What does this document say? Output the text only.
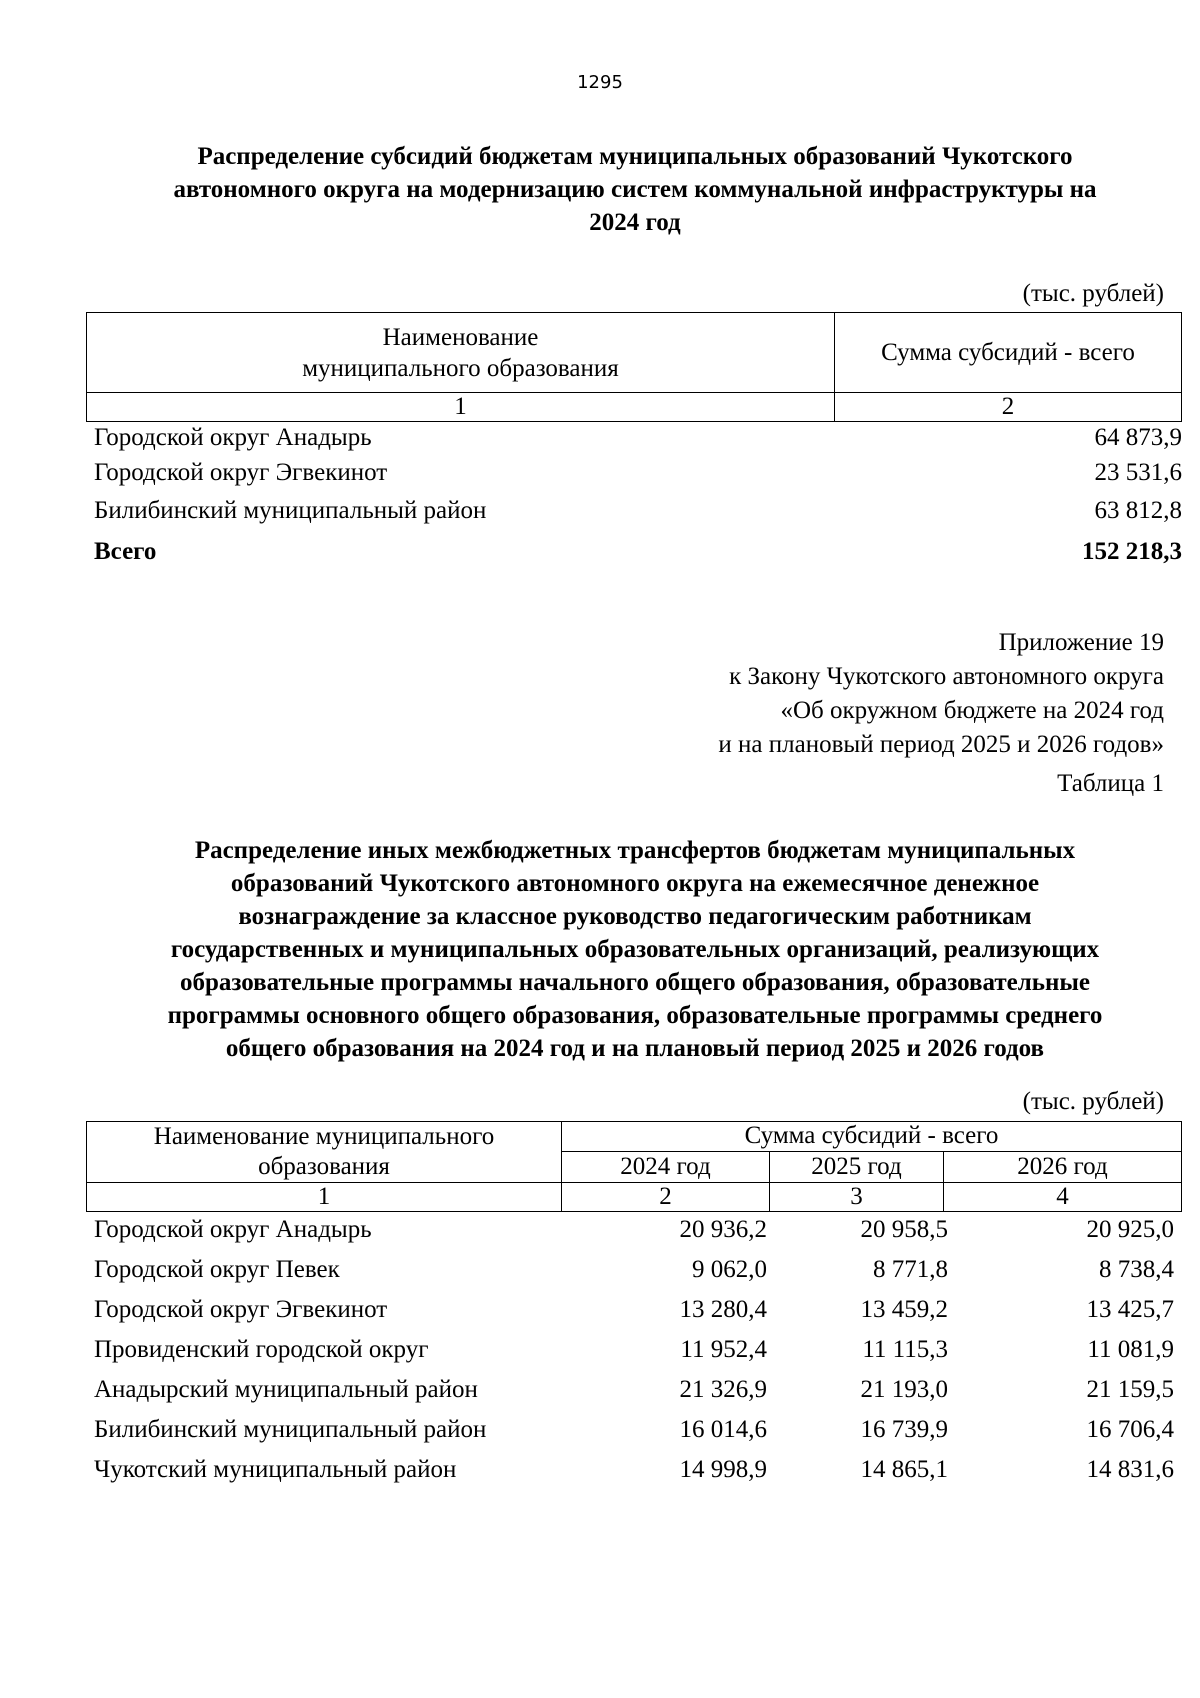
1295
Распределение субсидий бюджетам муниципальных образований Чукотского
автономного округа на модернизацию систем коммунальной инфраструктуры на
2024 год
(тыс. рублей)
Наименование
муниципального образования	Сумма субсидий - всего
1	2
Городской округ Анадырь	64 873,9
Городской округ Эгвекинот	23 531,6
Билибинский муниципальный район	63 812,8
Всего	152 218,3
Приложение 19
к Закону Чукотского автономного округа
«Об окружном бюджете на 2024 год
и на плановый период 2025 и 2026 годов»
Таблица 1
Распределение иных межбюджетных трансфертов бюджетам муниципальных
образований Чукотского автономного округа на ежемесячное денежное
вознаграждение за классное руководство педагогическим работникам
государственных и муниципальных образовательных организаций, реализующих
образовательные программы начального общего образования, образовательные
программы основного общего образования, образовательные программы среднего
общего образования на 2024 год и на плановый период 2025 и 2026 годов
(тыс. рублей)
Наименование муниципального
образования	Сумма субсидий - всего		
	2024 год	2025 год	2026 год
1	2	3	4
Городской округ Анадырь	20 936,2	20 958,5	20 925,0
Городской округ Певек	9 062,0	8 771,8	8 738,4
Городской округ Эгвекинот	13 280,4	13 459,2	13 425,7
Провиденский городской округ	11 952,4	11 115,3	11 081,9
Анадырский муниципальный район	21 326,9	21 193,0	21 159,5
Билибинский муниципальный район	16 014,6	16 739,9	16 706,4
Чукотский муниципальный район	14 998,9	14 865,1	14 831,6
